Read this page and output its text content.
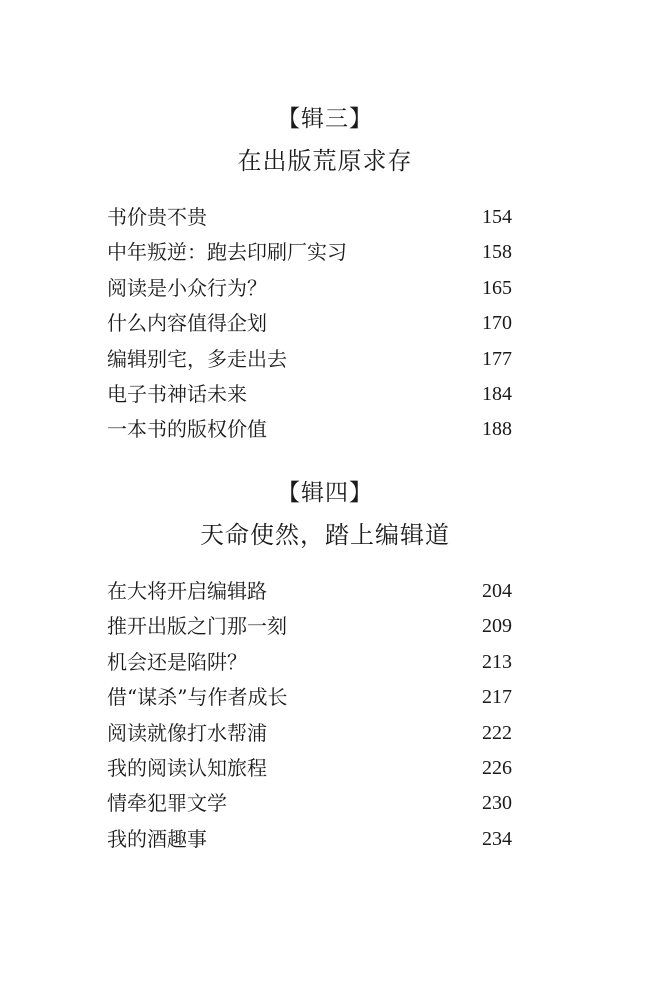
【辑三】
在出版荒原求存
书价贵不贵	154
中年叛逆：跑去印刷厂实习	158
阅读是小众行为？	165
什么内容值得企划	170
编辑别宅，多走出去	177
电子书神话未来	184
一本书的版权价值	188
【辑四】
天命使然，踏上编辑道
在大将开启编辑路	204
推开出版之门那一刻	209
机会还是陷阱？	213
借“谋杀”与作者成长	217
阅读就像打水帮浦	222
我的阅读认知旅程	226
情牵犯罪文学	230
我的酒趣事	234
